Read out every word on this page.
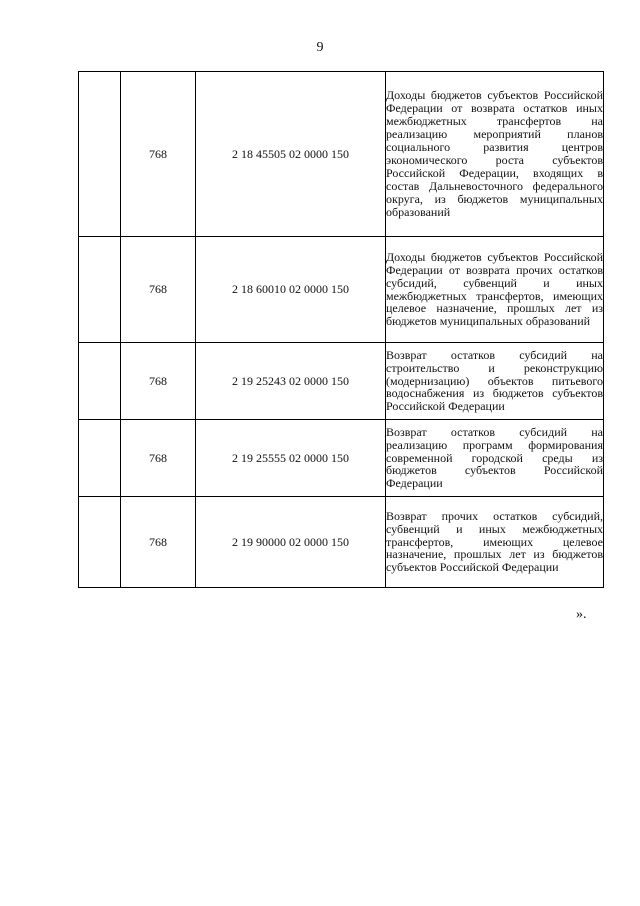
9
	768	2 18 45505 02 0000 150	Доходы бюджетов субъектов Российской Федерации от возврата остатков иных межбюджетных трансфертов на реализацию мероприятий планов социального развития центров экономического роста субъектов Российской Федерации, входящих в состав Дальневосточного федерального округа, из бюджетов муниципальных образований
	768	2 18 60010 02 0000 150	Доходы бюджетов субъектов Российской Федерации от возврата прочих остатков субсидий, субвенций и иных межбюджетных трансфертов, имеющих целевое назначение, прошлых лет из бюджетов муниципальных образований
	768	2 19 25243 02 0000 150	Возврат остатков субсидий на строительство и реконструкцию (модернизацию) объектов питьевого водоснабжения из бюджетов субъектов Российской Федерации
	768	2 19 25555 02 0000 150	Возврат остатков субсидий на реализацию программ формирования современной городской среды из бюджетов субъектов Российской Федерации
	768	2 19 90000 02 0000 150	Возврат прочих остатков субсидий, субвенций и иных межбюджетных трансфертов, имеющих целевое назначение, прошлых лет из бюджетов субъектов Российской Федерации
».
